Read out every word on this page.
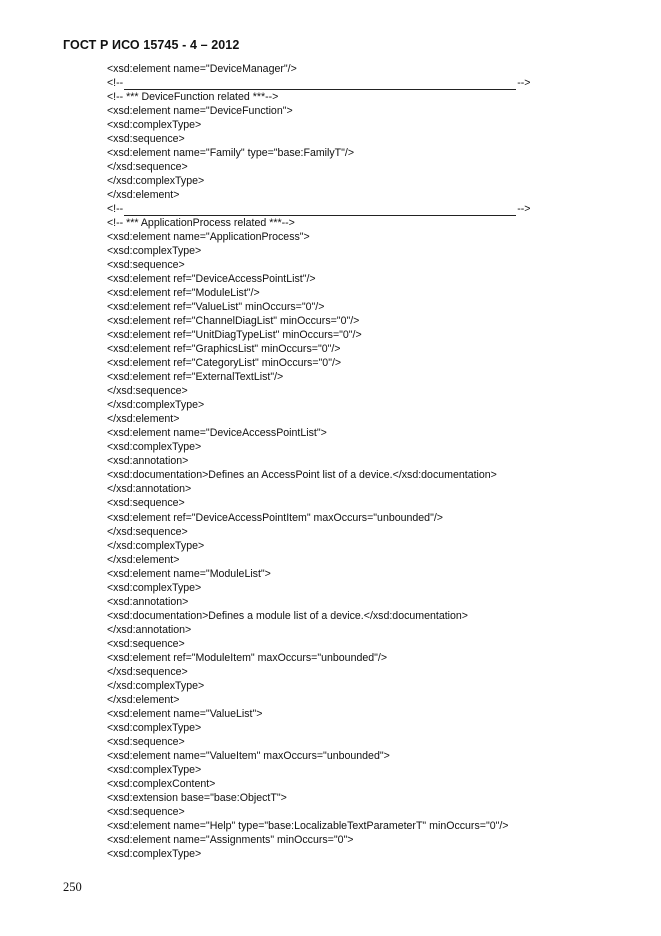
ГОСТ Р ИСО 15745 - 4 – 2012
<xsd:element name="DeviceManager"/>
<!--	-->
<!-- *** DeviceFunction related ***-->
<xsd:element name="DeviceFunction">
<xsd:complexType>
<xsd:sequence>
<xsd:element name="Family" type="base:FamilyT"/>
</xsd:sequence>
</xsd:complexType>
</xsd:element>
<!--	-->
<!-- *** ApplicationProcess related ***-->
<xsd:element name="ApplicationProcess">
<xsd:complexType>
<xsd:sequence>
<xsd:element ref="DeviceAccessPointList"/>
<xsd:element ref="ModuleList"/>
<xsd:element ref="ValueList" minOccurs="0"/>
<xsd:element ref="ChannelDiagList" minOccurs="0"/>
<xsd:element ref="UnitDiagTypeList" minOccurs="0"/>
<xsd:element ref="GraphicsList" minOccurs="0"/>
<xsd:element ref="CategoryList" minOccurs="0"/>
<xsd:element ref="ExternalTextList"/>
</xsd:sequence>
</xsd:complexType>
</xsd:element>
<xsd:element name="DeviceAccessPointList">
<xsd:complexType>
<xsd:annotation>
<xsd:documentation>Defines an AccessPoint list of a device.</xsd:documentation>
</xsd:annotation>
<xsd:sequence>
<xsd:element ref="DeviceAccessPointItem" maxOccurs="unbounded"/>
</xsd:sequence>
</xsd:complexType>
</xsd:element>
<xsd:element name="ModuleList">
<xsd:complexType>
<xsd:annotation>
<xsd:documentation>Defines a module list of a device.</xsd:documentation>
</xsd:annotation>
<xsd:sequence>
<xsd:element ref="ModuleItem" maxOccurs="unbounded"/>
</xsd:sequence>
</xsd:complexType>
</xsd:element>
<xsd:element name="ValueList">
<xsd:complexType>
<xsd:sequence>
<xsd:element name="ValueItem" maxOccurs="unbounded">
<xsd:complexType>
<xsd:complexContent>
<xsd:extension base="base:ObjectT">
<xsd:sequence>
<xsd:element name="Help" type="base:LocalizableTextParameterT" minOccurs="0"/>
<xsd:element name="Assignments" minOccurs="0">
<xsd:complexType>
250
